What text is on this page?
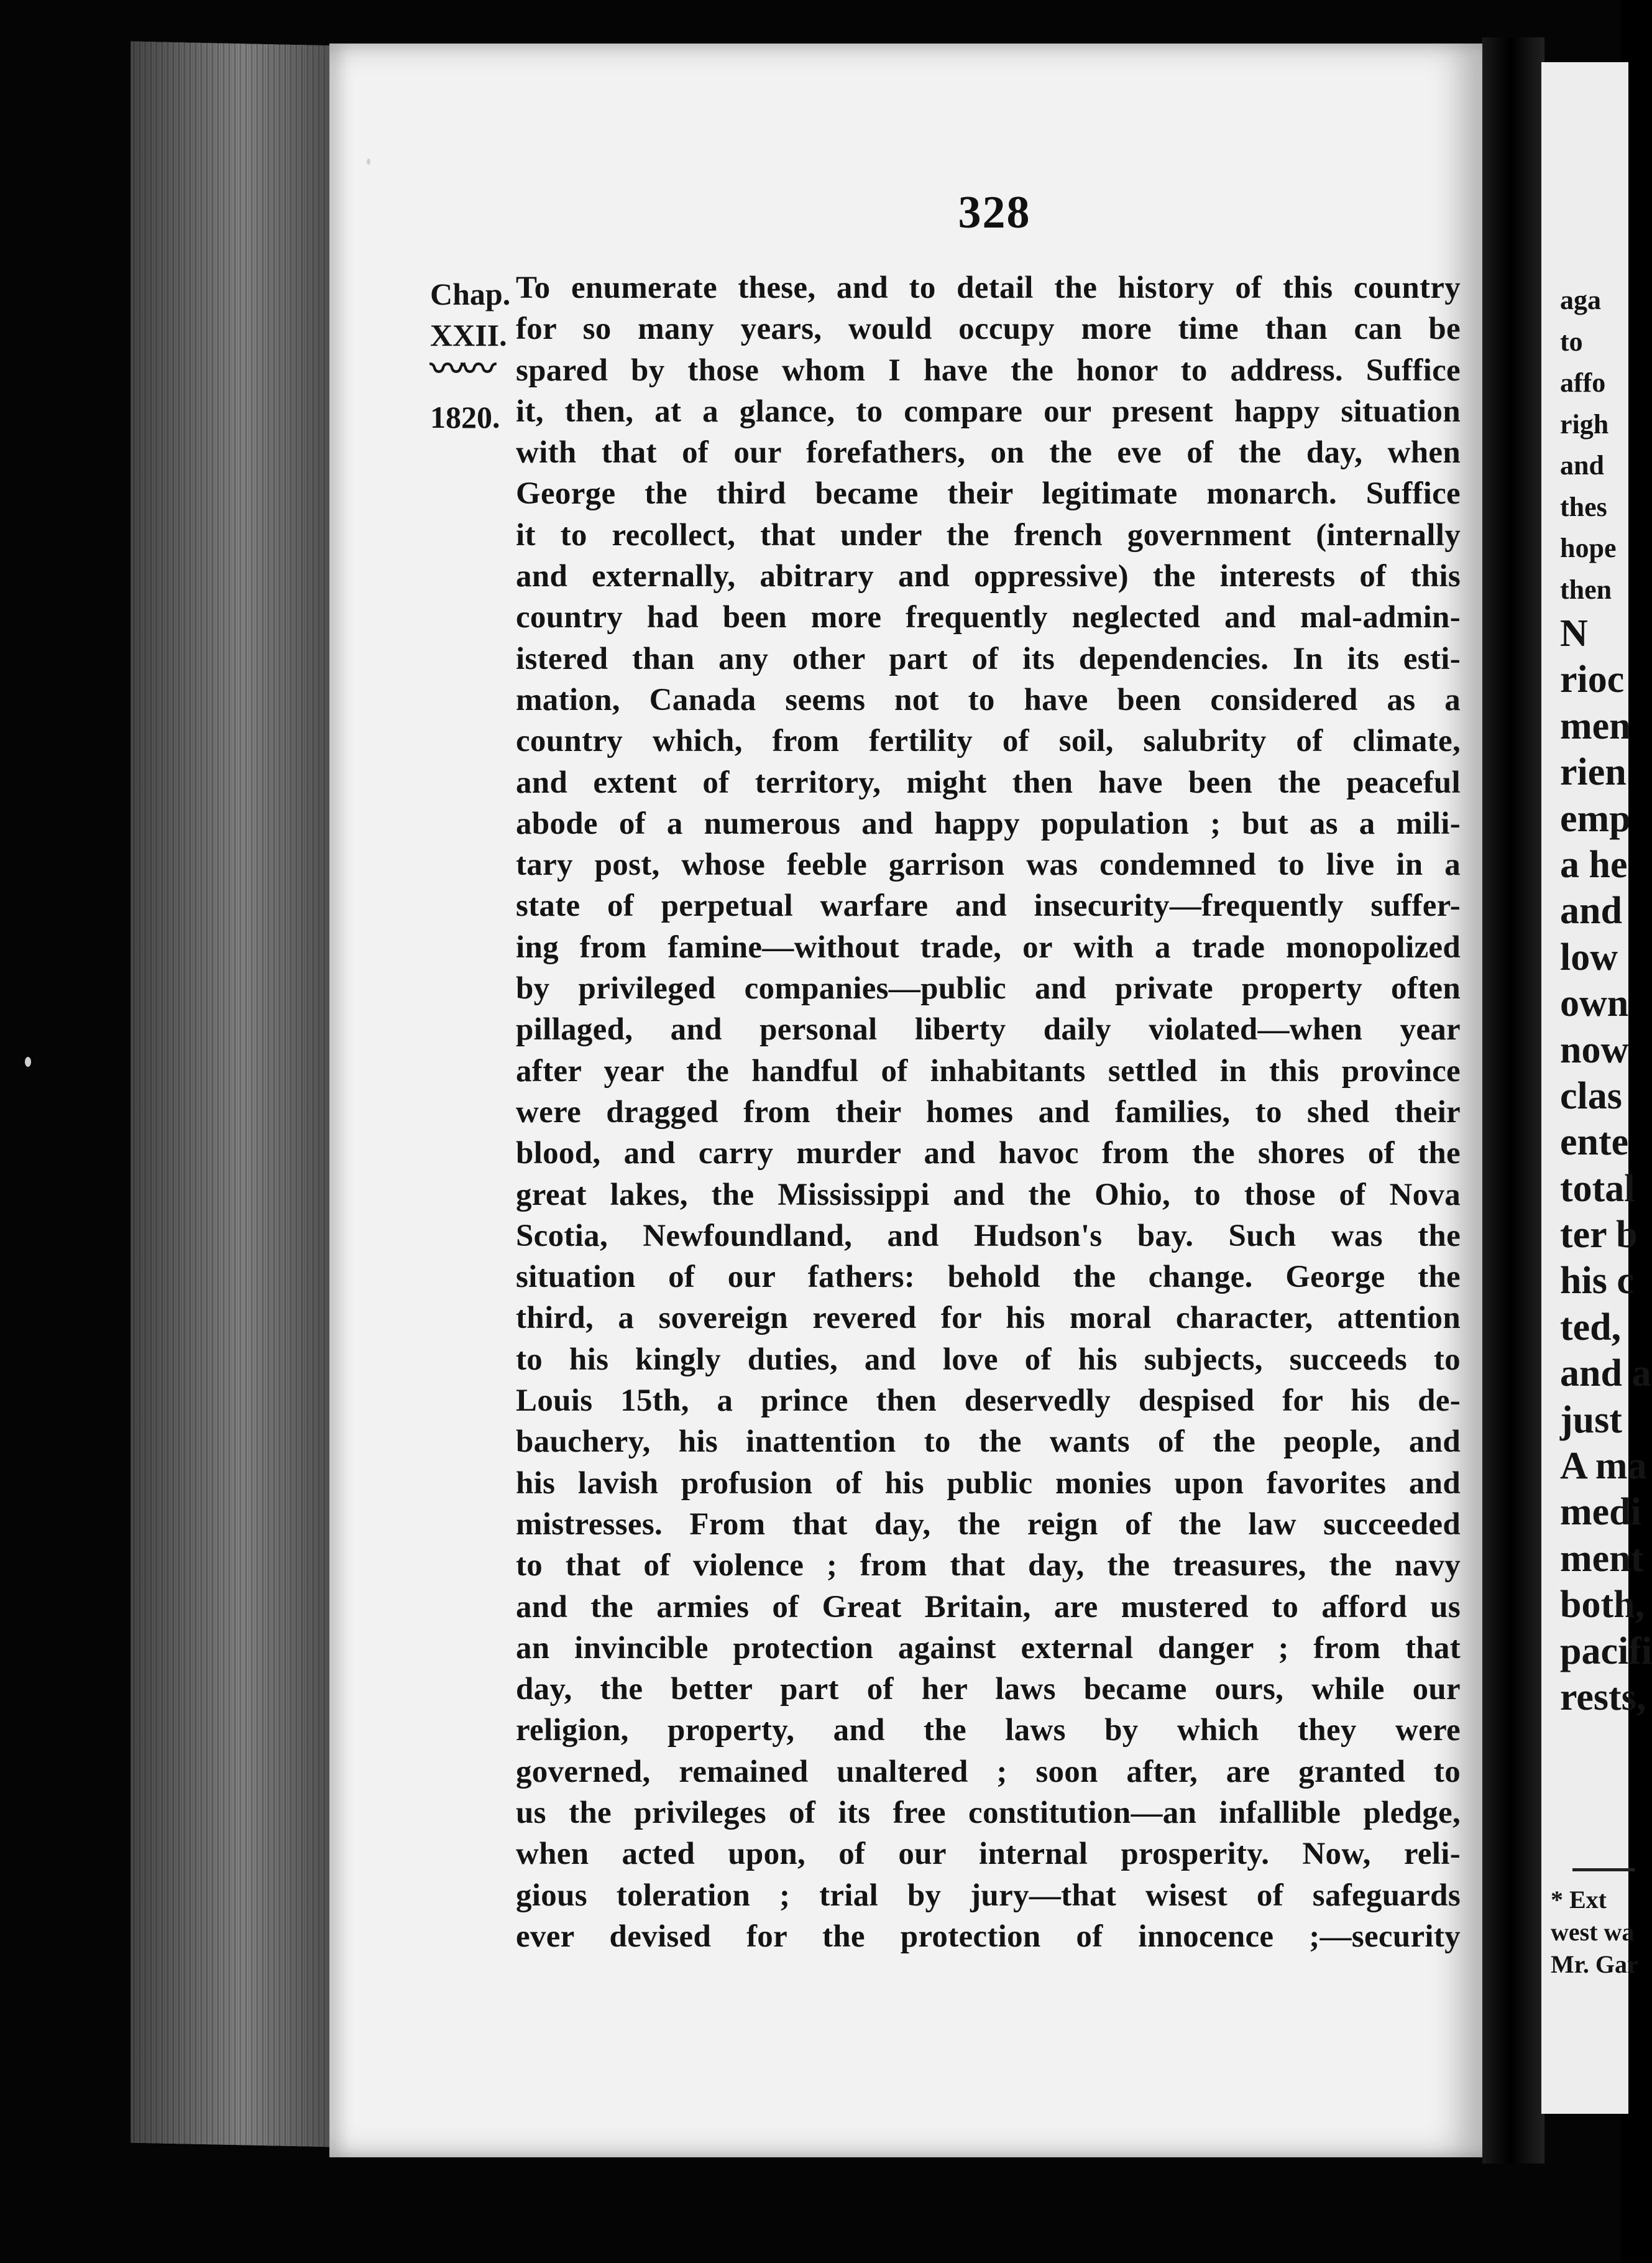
328
Chap.
XXII.
〰〰
1820.
To enumerate these, and to detail the history of this country
for so many years, would occupy more time than can be
spared by those whom I have the honor to address. Suffice
it, then, at a glance, to compare our present happy situation
with that of our forefathers, on the eve of the day, when
George the third became their legitimate monarch. Suffice
it to recollect, that under the french government (internally
and externally, abitrary and oppressive) the interests of this
country had been more frequently neglected and mal-admin-
istered than any other part of its dependencies. In its esti-
mation, Canada seems not to have been considered as a
country which, from fertility of soil, salubrity of climate,
and extent of territory, might then have been the peaceful
abode of a numerous and happy population ; but as a mili-
tary post, whose feeble garrison was condemned to live in a
state of perpetual warfare and insecurity—frequently suffer-
ing from famine—without trade, or with a trade monopolized
by privileged companies—public and private property often
pillaged, and personal liberty daily violated—when year
after year the handful of inhabitants settled in this province
were dragged from their homes and families, to shed their
blood, and carry murder and havoc from the shores of the
great lakes, the Mississippi and the Ohio, to those of Nova
Scotia, Newfoundland, and Hudson's bay. Such was the
situation of our fathers: behold the change. George the
third, a sovereign revered for his moral character, attention
to his kingly duties, and love of his subjects, succeeds to
Louis 15th, a prince then deservedly despised for his de-
bauchery, his inattention to the wants of the people, and
his lavish profusion of his public monies upon favorites and
mistresses. From that day, the reign of the law succeeded
to that of violence ; from that day, the treasures, the navy
and the armies of Great Britain, are mustered to afford us
an invincible protection against external danger ; from that
day, the better part of her laws became ours, while our
religion, property, and the laws by which they were
governed, remained unaltered ; soon after, are granted to
us the privileges of its free constitution—an infallible pledge,
when acted upon, of our internal prosperity. Now, reli-
gious toleration ; trial by jury—that wisest of safeguards
ever devised for the protection of innocence ;—security
aga
to
affo
righ
and
thes
hope
then
N
rioc
men
rien
emp
a he
and
low
own
now
clas
ente
total
ter b
his c
ted,
and a
just
A ma
medi
ment
both,
pacifi
rests,
* Ext
west wa
Mr. Gar
